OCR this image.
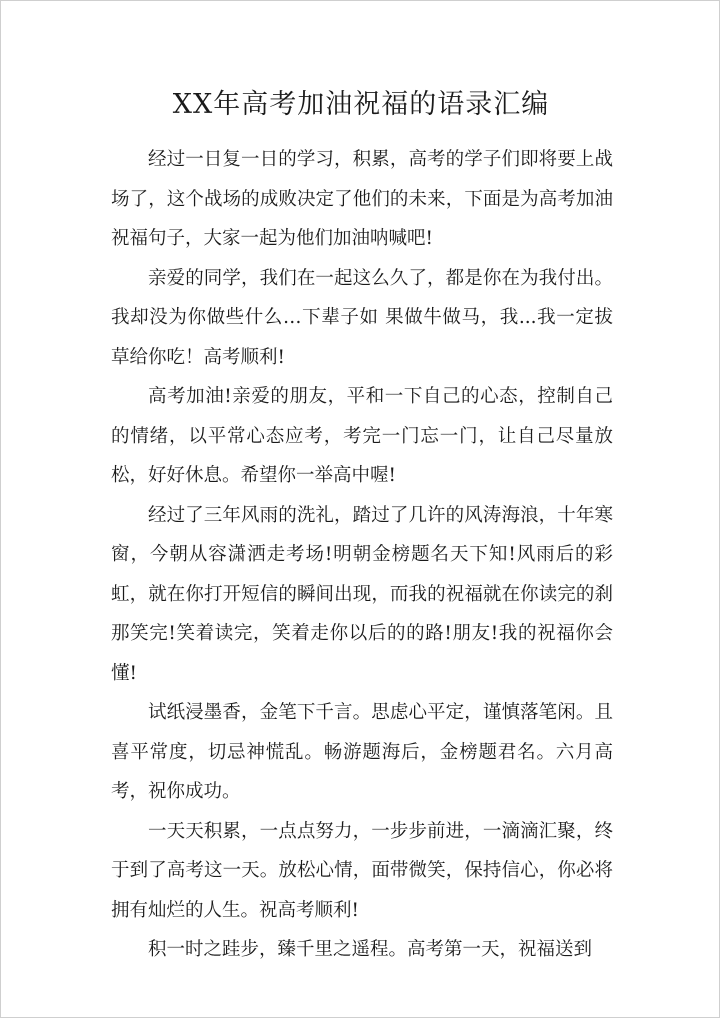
XX年高考加油祝福的语录汇编

经过一日复一日的学习，积累，高考的学子们即将要上战场了，这个战场的成败决定了他们的未来，下面是为高考加油祝福句子，大家一起为他们加油呐喊吧!

亲爱的同学，我们在一起这么久了，都是你在为我付出。我却没为你做些什么…下辈子如 果做牛做马，我...我一定拔草给你吃！高考顺利!

高考加油!亲爱的朋友，平和一下自己的心态，控制自己的情绪，以平常心态应考，考完一门忘一门，让自己尽量放松，好好休息。希望你一举高中喔!

经过了三年风雨的洗礼，踏过了几许的风涛海浪，十年寒窗，今朝从容潇洒走考场!明朝金榜题名天下知!风雨后的彩虹，就在你打开短信的瞬间出现，而我的祝福就在你读完的刹那笑完!笑着读完，笑着走你以后的的路!朋友!我的祝福你会懂!

试纸浸墨香，金笔下千言。思虑心平定，谨慎落笔闲。且喜平常度，切忌神慌乱。畅游题海后，金榜题君名。六月高考，祝你成功。

一天天积累，一点点努力，一步步前进，一滴滴汇聚，终于到了高考这一天。放松心情，面带微笑，保持信心，你必将拥有灿烂的人生。祝高考顺利!

积一时之跬步，臻千里之遥程。高考第一天，祝福送到
